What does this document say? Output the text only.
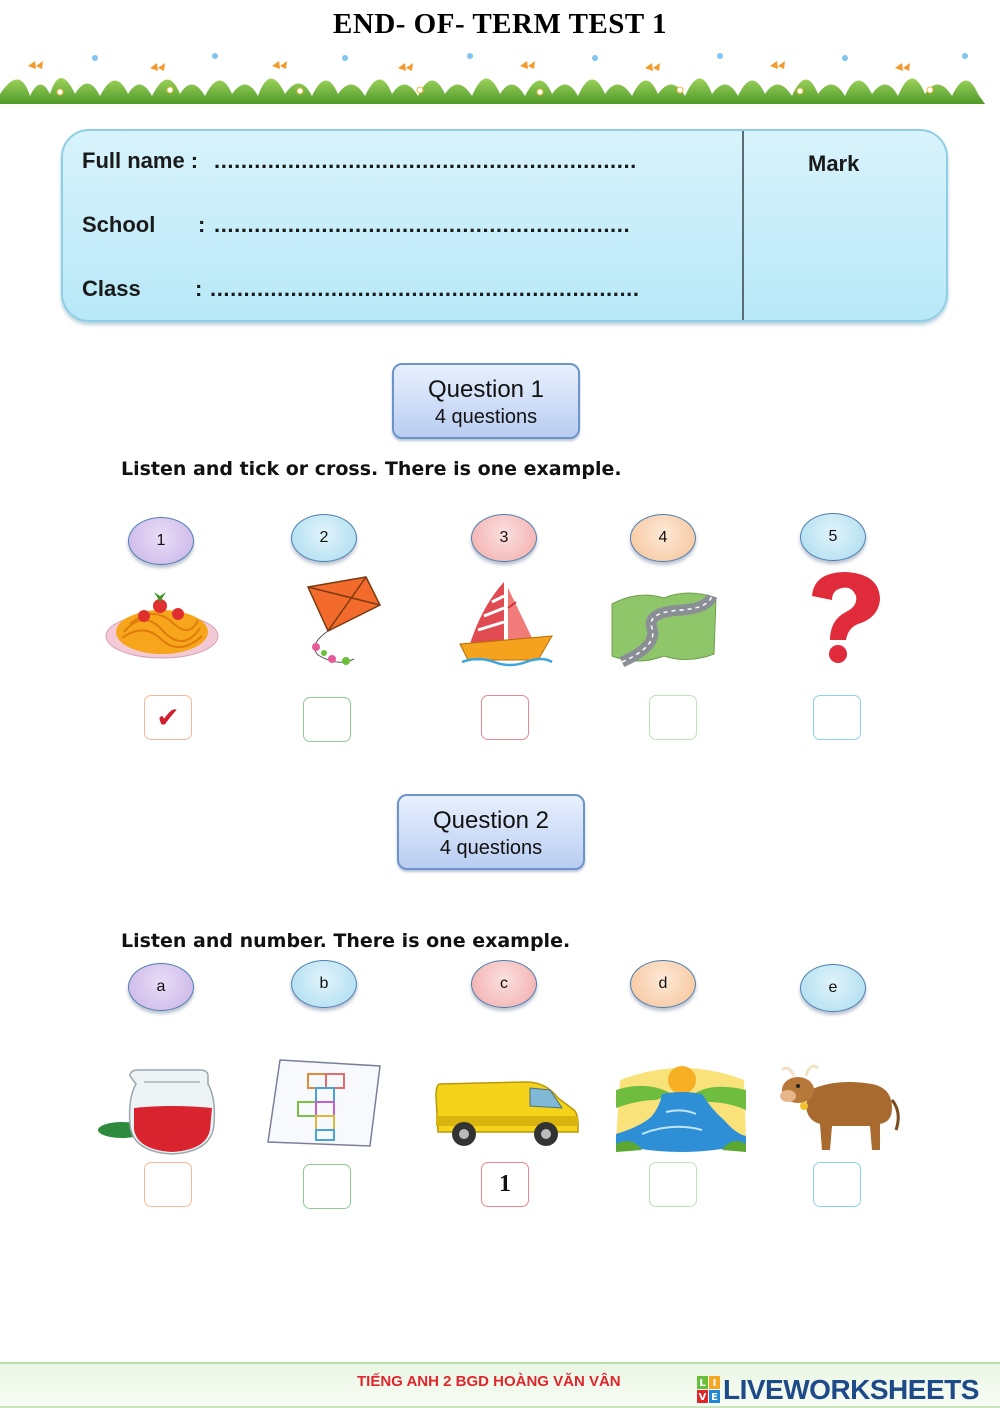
END- OF- TERM TEST 1
Mark
Full name : ...............................................................
School : ..............................................................
Class : ................................................................
Question 1
4 questions
Listen and tick or cross. There is one example.
1	2	3	4	5
✔
Question 2
4 questions
Listen and number. There is one example.
a	b	c	d	e
1
TIẾNG ANH 2 BGD HOÀNG VĂN VÂN	L I
V E LIVEWORKSHEETS
